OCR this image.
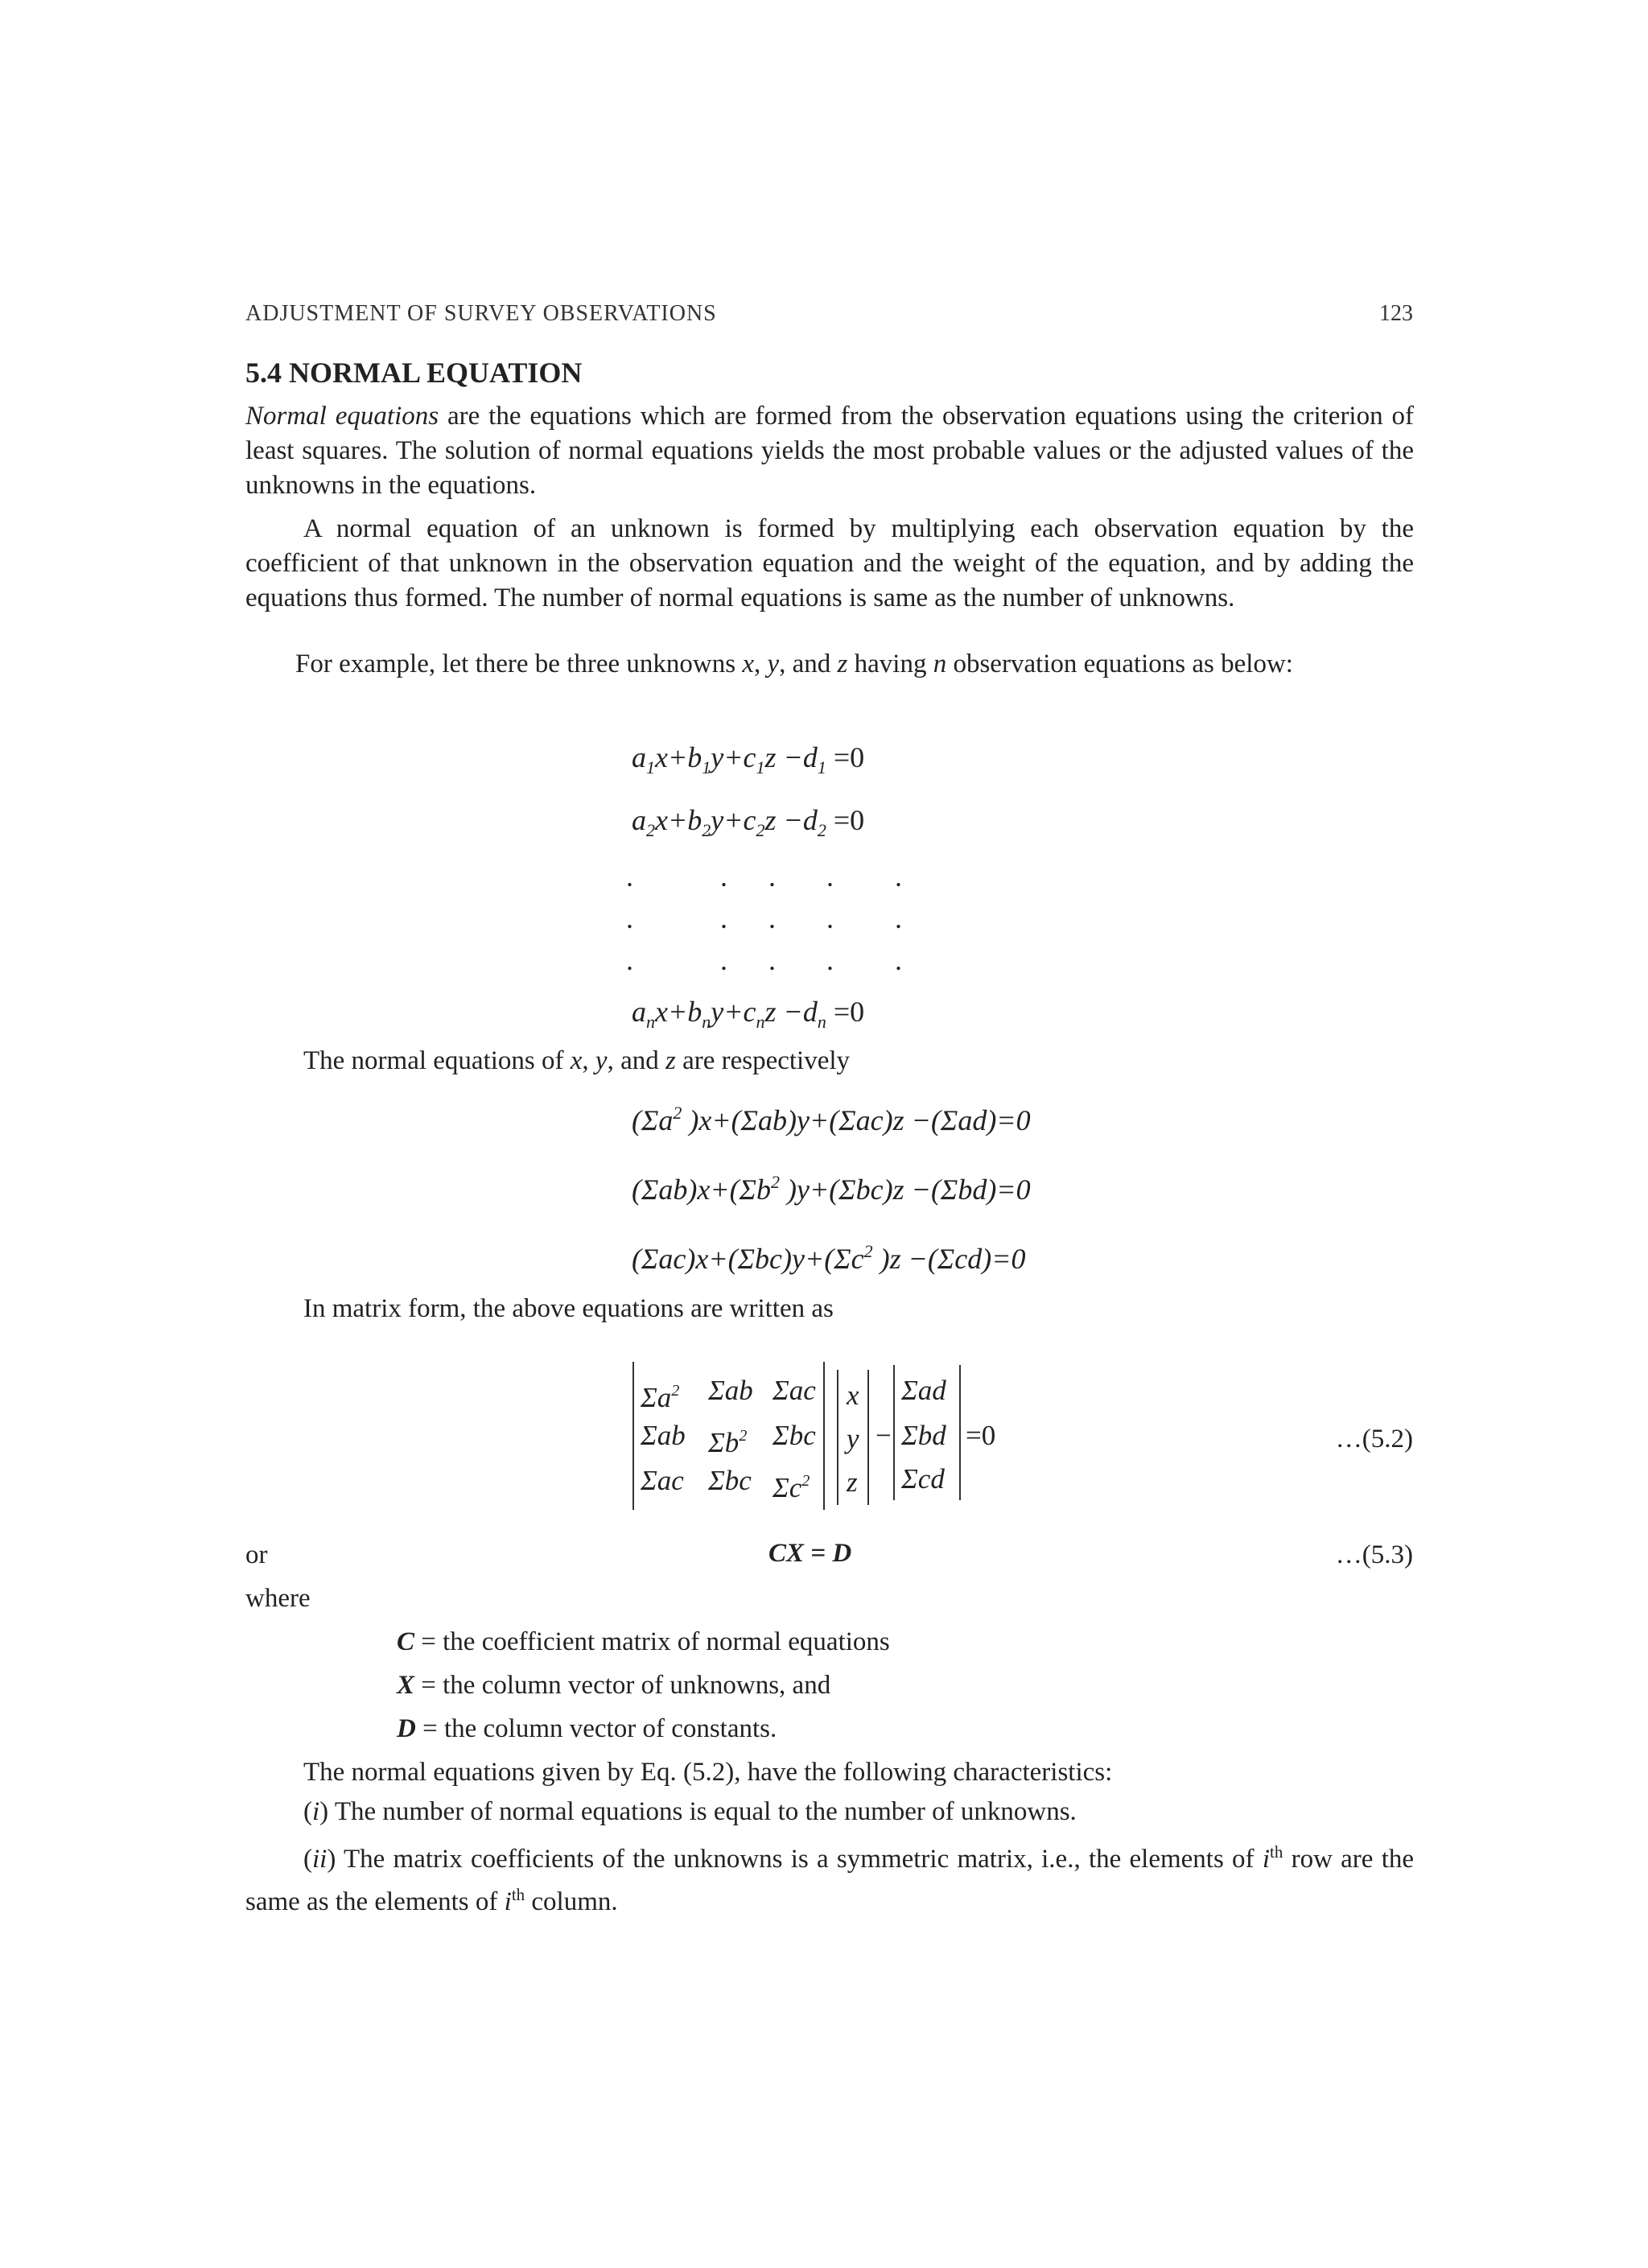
ADJUSTMENT OF SURVEY OBSERVATIONS	123
5.4 NORMAL EQUATION
Normal equations are the equations which are formed from the observation equations using the criterion of least squares. The solution of normal equations yields the most probable values or the adjusted values of the unknowns in the equations.
A normal equation of an unknown is formed by multiplying each observation equation by the coefficient of that unknown in the observation equation and the weight of the equation, and by adding the equations thus formed. The number of normal equations is same as the number of unknowns.
For example, let there be three unknowns x, y, and z having n observation equations as below:
$a_1x+b_1y+c_1z -d_1 =0$
$a_2x+b_2y+c_2z -d_2 =0$
.	. . . .
.	. . . .
.	. . . .
$a_nx+b_ny+c_nz -d_n =0$
The normal equations of x, y, and z are respectively
($\Sigma a^2$ )x+(Σab)y+(Σac)z −(Σad)=0
$(\Sigma ab)x+(\Sigma b^2$ )y+(Σbc)z −(Σbd)=0
$(\Sigma ac)x+(\Sigma bc)y+(\Sigma c^2$ )z −(Σcd)=0
In matrix form, the above equations are written as
$\Sigma a^2$ Σab Σac
Σab $\Sigma b^2$ Σbc
Σac Σbc $\Sigma c^2$
x
y
z
−
Σad
Σbd
Σcd
=0	…(5.2)
or	CX = D	…(5.3)
where
C = the coefficient matrix of normal equations
X = the column vector of unknowns, and
D = the column vector of constants.
The normal equations given by Eq. (5.2), have the following characteristics:
(i) The number of normal equations is equal to the number of unknowns.
(ii) The matrix coefficients of the unknowns is a symmetric matrix, i.e., the elements of $i^{th}$ row are the same as the elements of $i^{th}$ column.
